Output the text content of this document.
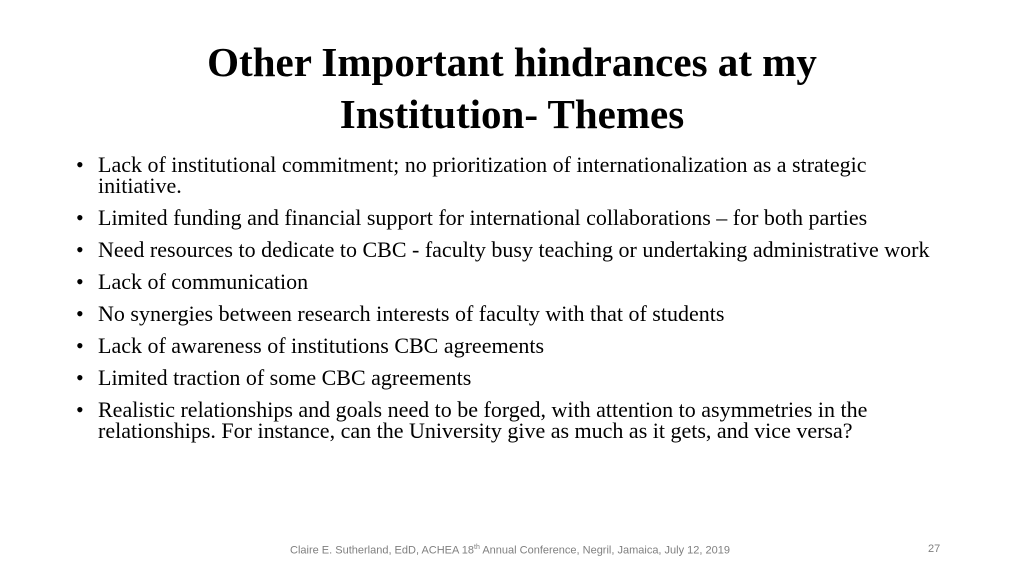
Other Important hindrances at my
Institution- Themes
• Lack of institutional commitment; no prioritization of internationalization as a strategic initiative.
• Limited funding and financial support for international collaborations – for both parties
• Need resources to dedicate to CBC - faculty busy teaching or undertaking administrative work
• Lack of communication
• No synergies between research interests of faculty with that of students
• Lack of awareness of institutions CBC agreements
• Limited traction of some CBC agreements
• Realistic relationships and goals need to be forged, with attention to asymmetries in the relationships. For instance, can the University give as much as it gets, and vice versa?
Claire E. Sutherland, EdD, ACHEA 18th Annual Conference, Negril, Jamaica, July 12, 2019	27
